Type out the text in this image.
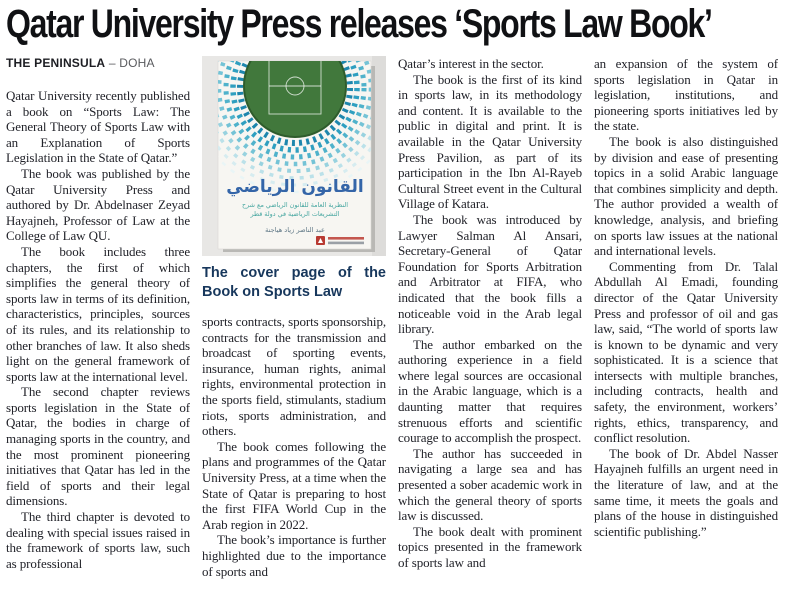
Qatar University Press releases ‘Sports Law Book’
THE PENINSULA – DOHA

Qatar University recently published a book on “Sports Law: The General Theory of Sports Law with an Explanation of Sports Legislation in the State of Qatar.”

The book was published by the Qatar University Press and authored by Dr. Abdelnaser Zeyad Hayajneh, Professor of Law at the College of Law QU.

The book includes three chapters, the first of which simplifies the general theory of sports law in terms of its definition, characteristics, principles, sources of its rules, and its relationship to other branches of law. It also sheds light on the general framework of sports law at the international level.

The second chapter reviews sports legislation in the State of Qatar, the bodies in charge of managing sports in the country, and the most prominent pioneering initiatives that Qatar has led in the field of sports and their legal dimensions.

The third chapter is devoted to dealing with special issues raised in the framework of sports law, such as professional

القانون الرياضي
النظرية العامة للقانون الرياضي مع شرح
التشريعات الرياضية في دولة قطر
عبد الناصر زياد هياجنة
The cover page of the Book on Sports Law

sports contracts, sports sponsorship, contracts for the transmission and broadcast of sporting events, insurance, human rights, animal rights, environmental protection in the sports field, stimulants, stadium riots, sports administration, and others.

The book comes following the plans and programmes of the Qatar University Press, at a time when the State of Qatar is preparing to host the first FIFA World Cup in the Arab region in 2022.

The book’s importance is further highlighted due to the importance of sports and

Qatar’s interest in the sector.

The book is the first of its kind in sports law, in its methodology and content. It is available to the public in digital and print. It is available in the Qatar University Press Pavilion, as part of its participation in the Ibn Al-Rayeb Cultural Street event in the Cultural Village of Katara.

The book was introduced by Lawyer Salman Al Ansari, Secretary-General of Qatar Foundation for Sports Arbitration and Arbitrator at FIFA, who indicated that the book fills a noticeable void in the Arab legal library.

The author embarked on the authoring experience in a field where legal sources are occasional in the Arabic language, which is a daunting matter that requires strenuous efforts and scientific courage to accomplish the prospect.

The author has succeeded in navigating a large sea and has presented a sober academic work in which the general theory of sports law is discussed.

The book dealt with prominent topics presented in the framework of sports law and

an expansion of the system of sports legislation in Qatar in legislation, institutions, and pioneering sports initiatives led by the state.

The book is also distinguished by division and ease of presenting topics in a solid Arabic language that combines simplicity and depth. The author provided a wealth of knowledge, analysis, and briefing on sports law issues at the national and international levels.

Commenting from Dr. Talal Abdullah Al Emadi, founding director of the Qatar University Press and professor of oil and gas law, said, “The world of sports law is known to be dynamic and very sophisticated. It is a science that intersects with multiple branches, including contracts, health and safety, the environment, workers’ rights, ethics, transparency, and conflict resolution.

The book of Dr. Abdel Nasser Hayajneh fulfills an urgent need in the literature of law, and at the same time, it meets the goals and plans of the house in distinguished scientific publishing.”
